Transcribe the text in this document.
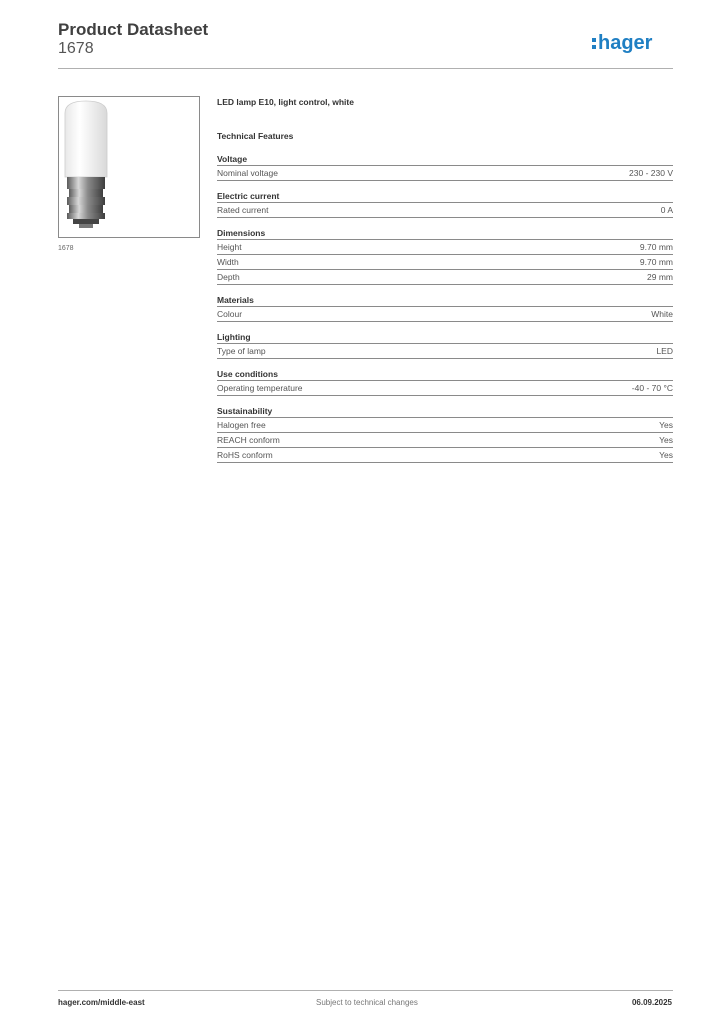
Product Datasheet
1678	hager
1678
LED lamp E10, light control, white
Technical Features
Voltage
Nominal voltage	230 - 230 V
Electric current
Rated current	0 A
Dimensions
Height	9.70 mm
Width	9.70 mm
Depth	29 mm
Materials
Colour	White
Lighting
Type of lamp	LED
Use conditions
Operating temperature	-40 - 70 °C
Sustainability
Halogen free	Yes
REACH conform	Yes
RoHS conform	Yes
hager.com/middle-east	Subject to technical changes	06.09.2025
